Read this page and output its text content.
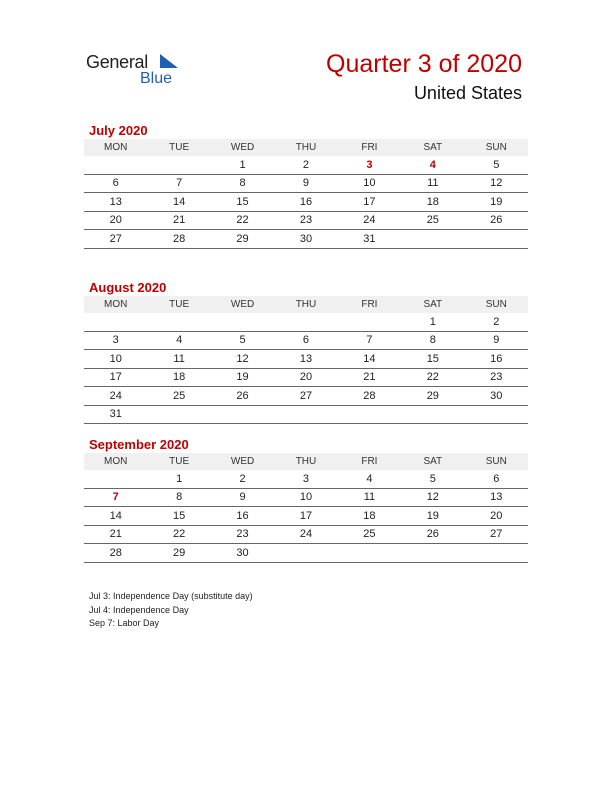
General
Blue
Quarter 3 of 2020
United States
July 2020
MON	TUE	WED	THU	FRI	SAT	SUN
		1	2	3	4	5
6	7	8	9	10	11	12
13	14	15	16	17	18	19
20	21	22	23	24	25	26
27	28	29	30	31		
August 2020
MON	TUE	WED	THU	FRI	SAT	SUN
					1	2
3	4	5	6	7	8	9
10	11	12	13	14	15	16
17	18	19	20	21	22	23
24	25	26	27	28	29	30
31						
September 2020
MON	TUE	WED	THU	FRI	SAT	SUN
	1	2	3	4	5	6
7	8	9	10	11	12	13
14	15	16	17	18	19	20
21	22	23	24	25	26	27
28	29	30				
Jul 3: Independence Day (substitute day)
Jul 4: Independence Day
Sep 7: Labor Day
